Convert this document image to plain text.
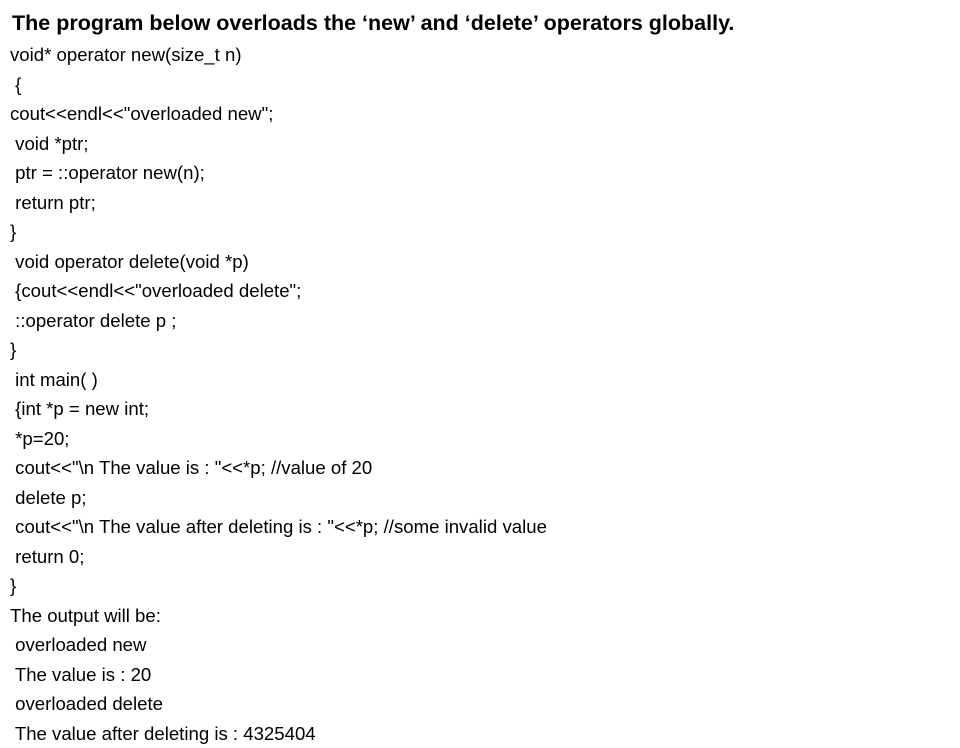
The program below overloads the ‘new’ and ‘delete’ operators globally.
void* operator new(size_t n)
{
cout<<endl<<"overloaded new";
void *ptr;
ptr = ::operator new(n);
return ptr;
}
void operator delete(void *p)
{cout<<endl<<"overloaded delete";
::operator delete p ;
}
int main( )
{int *p = new int;
*p=20;
cout<<"\n The value is : "<<*p; //value of 20
delete p;
cout<<"\n The value after deleting is : "<<*p; //some invalid value
return 0;
}
The output will be:
overloaded new
The value is : 20
overloaded delete
The value after deleting is : 4325404
